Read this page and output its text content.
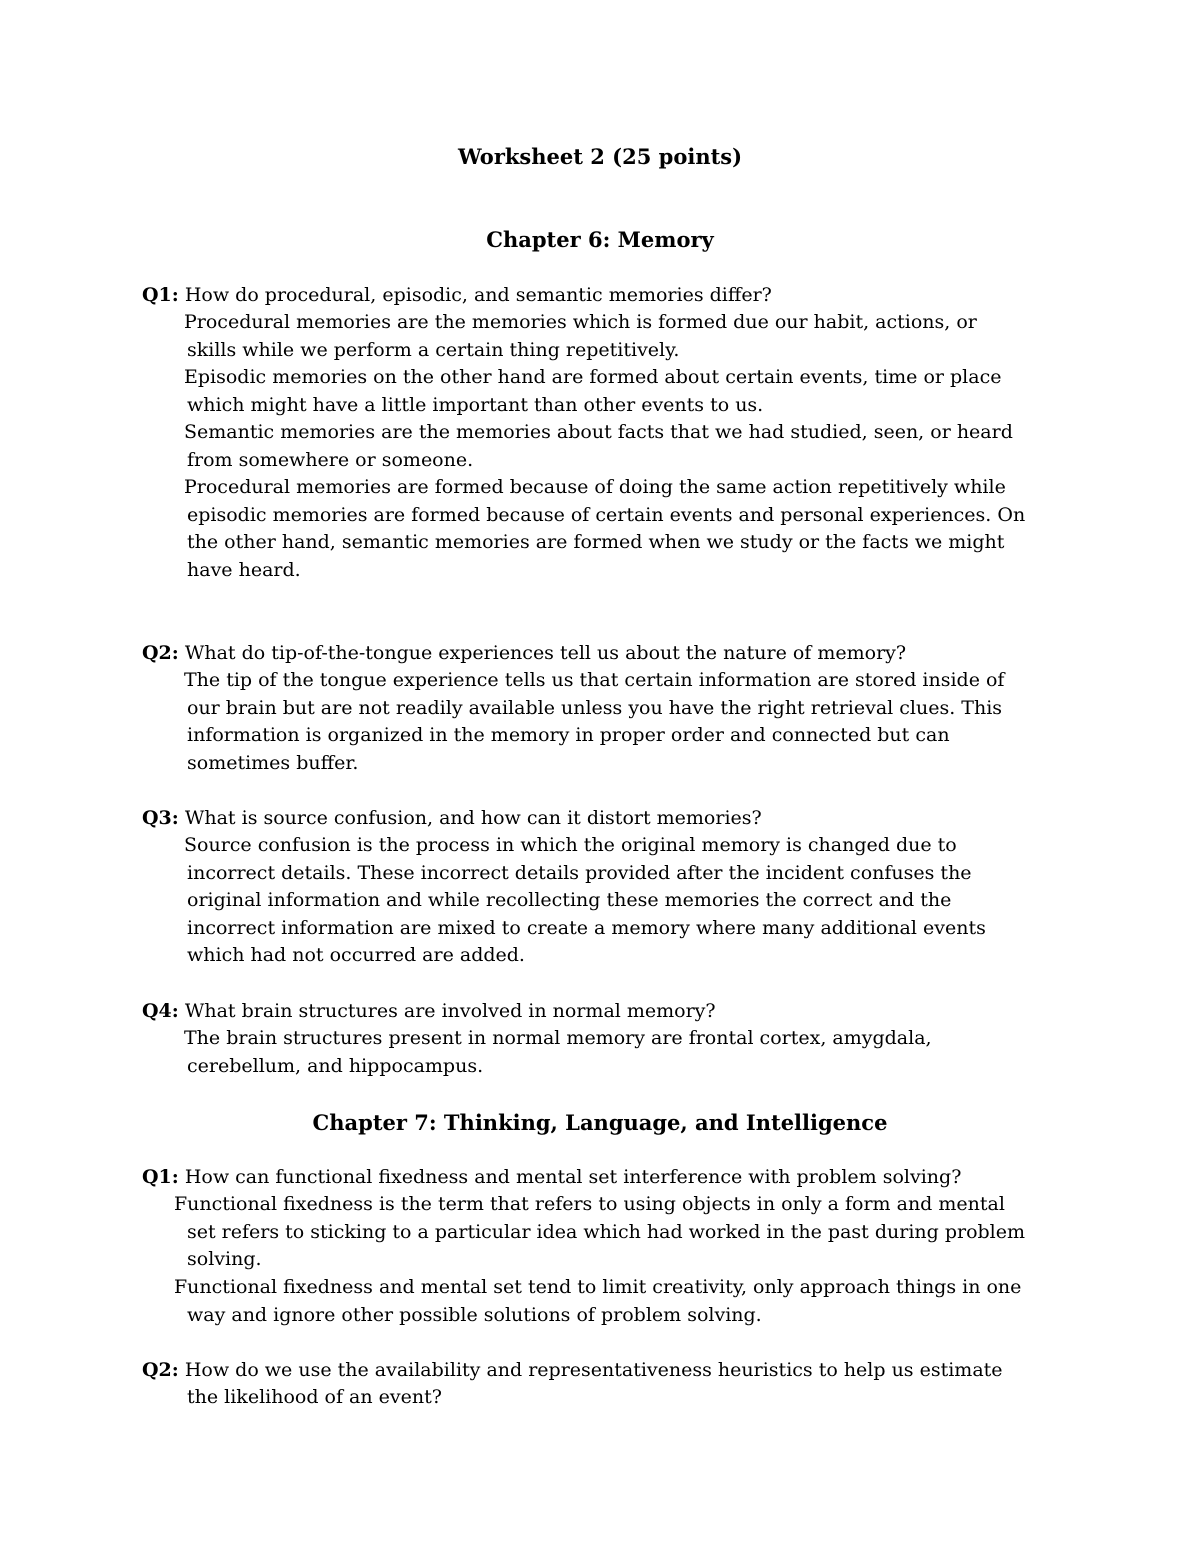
Worksheet 2 (25 points)
Chapter 6: Memory
Q1: How do procedural, episodic, and semantic memories differ?
Procedural memories are the memories which is formed due our habit, actions, or
skills while we perform a certain thing repetitively.
Episodic memories on the other hand are formed about certain events, time or place
which might have a little important than other events to us.
Semantic memories are the memories about facts that we had studied, seen, or heard
from somewhere or someone.
Procedural memories are formed because of doing the same action repetitively while
episodic memories are formed because of certain events and personal experiences. On
the other hand, semantic memories are formed when we study or the facts we might
have heard.
Q2: What do tip-of-the-tongue experiences tell us about the nature of memory?
The tip of the tongue experience tells us that certain information are stored inside of
our brain but are not readily available unless you have the right retrieval clues. This
information is organized in the memory in proper order and connected but can
sometimes buffer.
Q3: What is source confusion, and how can it distort memories?
Source confusion is the process in which the original memory is changed due to
incorrect details. These incorrect details provided after the incident confuses the
original information and while recollecting these memories the correct and the
incorrect information are mixed to create a memory where many additional events
which had not occurred are added.
Q4: What brain structures are involved in normal memory?
The brain structures present in normal memory are frontal cortex, amygdala,
cerebellum, and hippocampus.
Chapter 7: Thinking, Language, and Intelligence
Q1: How can functional fixedness and mental set interference with problem solving?
Functional fixedness is the term that refers to using objects in only a form and mental
set refers to sticking to a particular idea which had worked in the past during problem
solving.
Functional fixedness and mental set tend to limit creativity, only approach things in one
way and ignore other possible solutions of problem solving.
Q2: How do we use the availability and representativeness heuristics to help us estimate
the likelihood of an event?
